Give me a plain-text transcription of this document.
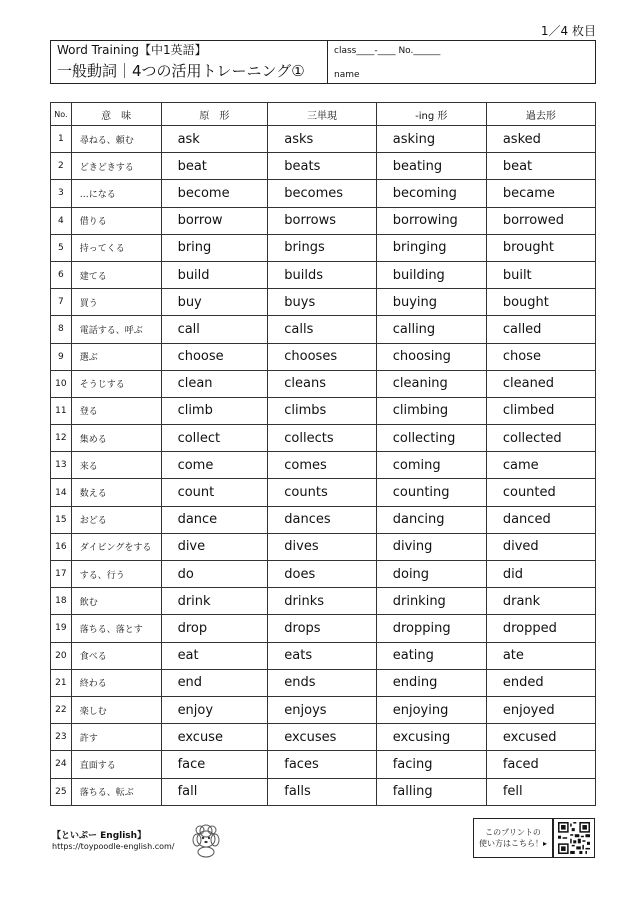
1／4 枚目
Word Training【中1英語】
一般動詞｜4つの活用トレーニング①
class____-____ No.______
name
No.	意　味	原　形	三単現	-ing 形	過去形
1	尋ねる、頼む	ask	asks	asking	asked
2	どきどきする	beat	beats	beating	beat
3	…になる	become	becomes	becoming	became
4	借りる	borrow	borrows	borrowing	borrowed
5	持ってくる	bring	brings	bringing	brought
6	建てる	build	builds	building	built
7	買う	buy	buys	buying	bought
8	電話する、呼ぶ	call	calls	calling	called
9	選ぶ	choose	chooses	choosing	chose
10	そうじする	clean	cleans	cleaning	cleaned
11	登る	climb	climbs	climbing	climbed
12	集める	collect	collects	collecting	collected
13	来る	come	comes	coming	came
14	数える	count	counts	counting	counted
15	おどる	dance	dances	dancing	danced
16	ダイビングをする	dive	dives	diving	dived
17	する、行う	do	does	doing	did
18	飲む	drink	drinks	drinking	drank
19	落ちる、落とす	drop	drops	dropping	dropped
20	食べる	eat	eats	eating	ate
21	終わる	end	ends	ending	ended
22	楽しむ	enjoy	enjoys	enjoying	enjoyed
23	許す	excuse	excuses	excusing	excused
24	直面する	face	faces	facing	faced
25	落ちる、転ぶ	fall	falls	falling	fell
【といぷー English】
https://toypoodle-english.com/
このプリントの
使い方はこちら！▸
